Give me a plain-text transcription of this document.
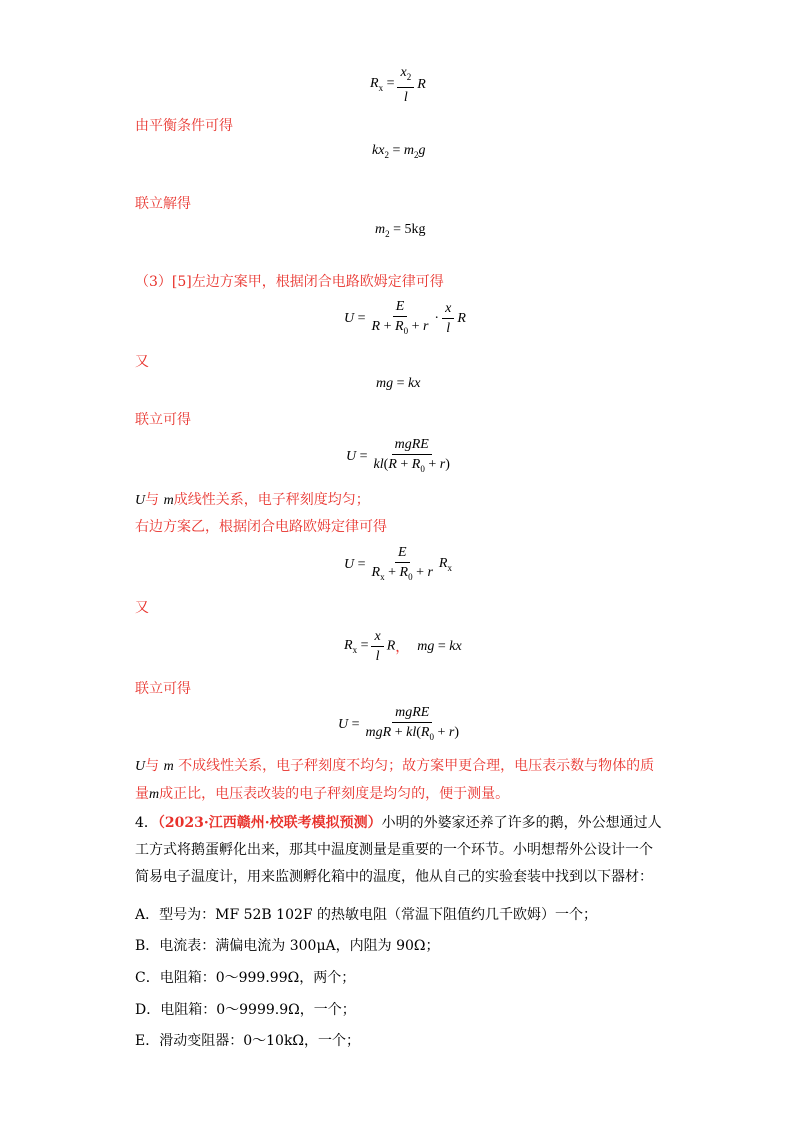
$R_x = \frac{x_2}{l}$ R
由平衡条件可得
$kx_2 = m_2g$
联立解得
$m_2 = 5kg$
（3）[5]左边方案甲，根据闭合电路欧姆定律可得
$U = \frac{E}{R + R_0 + r} \cdot \frac{x}{l}$ R
又
mg = kx
联立可得
$U = \frac{\text{mgRE}}{kl(R + R_0 + r)}$
U与 m成线性关系，电子秤刻度均匀；
右边方案乙，根据闭合电路欧姆定律可得
$U = \frac{E}{R_x + R_0 + r} R_x$
又
$R_x = \frac{x}{l}$ R， mg = kx
联立可得
$U = \frac{\text{mgRE}}{mgR + kl(R_0 + r)}$
U与 m 不成线性关系，电子秤刻度不均匀；故方案甲更合理，电压表示数与物体的质
量m成正比，电压表改装的电子秤刻度是均匀的，便于测量。
4．（2023·江西赣州·校联考模拟预测）小明的外婆家还养了许多的鹅，外公想通过人
工方式将鹅蛋孵化出来，那其中温度测量是重要的一个环节。小明想帮外公设计一个
简易电子温度计，用来监测孵化箱中的温度，他从自己的实验套装中找到以下器材：
A．型号为：MF 52B 102F 的热敏电阻（常温下阻值约几千欧姆）一个；
B．电流表：满偏电流为 300μA，内阻为 90Ω；
C．电阻箱：0～999.99Ω，两个；
D．电阻箱：0～9999.9Ω，一个；
E．滑动变阻器：0～10kΩ，一个；
